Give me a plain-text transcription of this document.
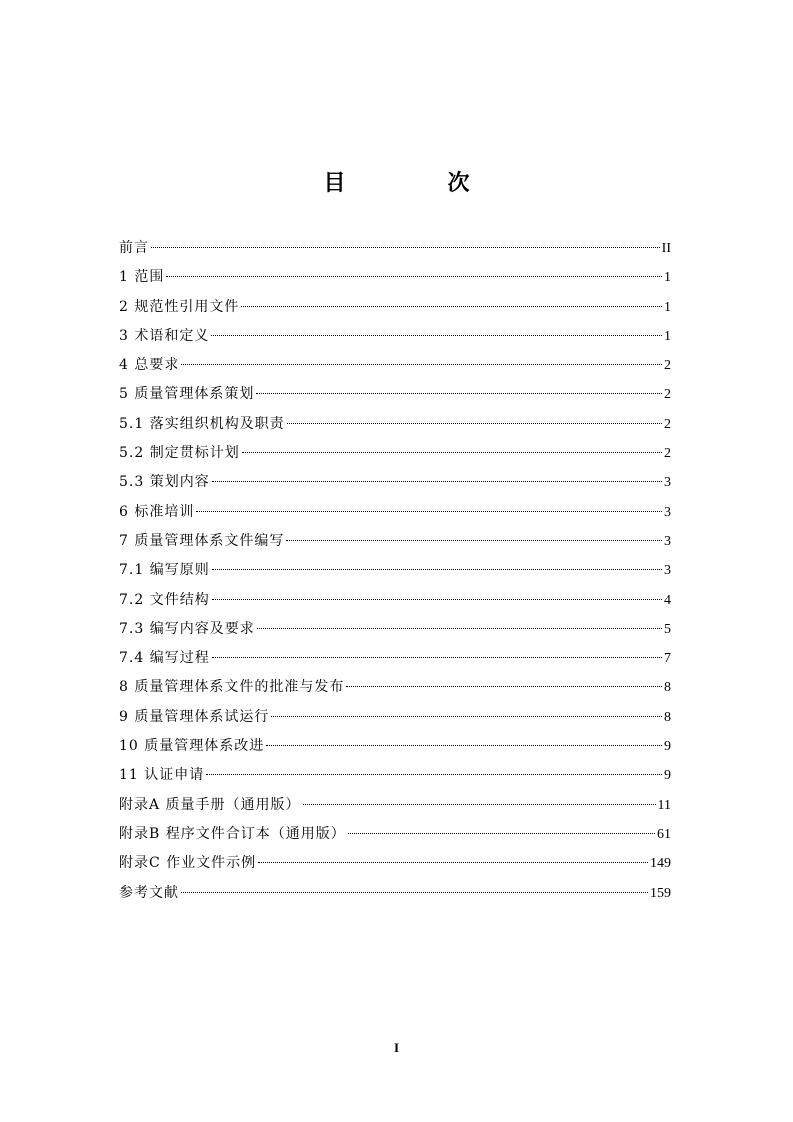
目　次
前言	II
1 范围	1
2 规范性引用文件	1
3 术语和定义	1
4 总要求	2
5 质量管理体系策划	2
5.1 落实组织机构及职责	2
5.2 制定贯标计划	2
5.3 策划内容	3
6 标准培训	3
7 质量管理体系文件编写	3
7.1 编写原则	3
7.2 文件结构	4
7.3 编写内容及要求	5
7.4 编写过程	7
8 质量管理体系文件的批准与发布	8
9 质量管理体系试运行	8
10 质量管理体系改进	9
11 认证申请	9
附录A 质量手册（通用版）	11
附录B 程序文件合订本（通用版）	61
附录C 作业文件示例	149
参考文献	159
I
